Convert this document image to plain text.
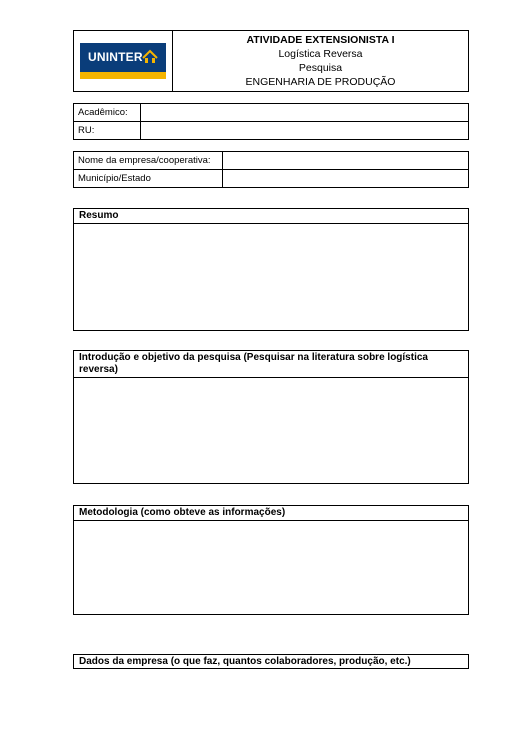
UNINTER
ATIVIDADE EXTENSIONISTA I
Logística Reversa
Pesquisa
ENGENHARIA DE PRODUÇÃO
Acadêmico:	
RU:	
Nome da empresa/cooperativa:	
Município/Estado	
Resumo
Introdução e objetivo da pesquisa (Pesquisar na literatura sobre logística reversa)
Metodologia (como obteve as informações)
Dados da empresa (o que faz, quantos colaboradores, produção, etc.)
